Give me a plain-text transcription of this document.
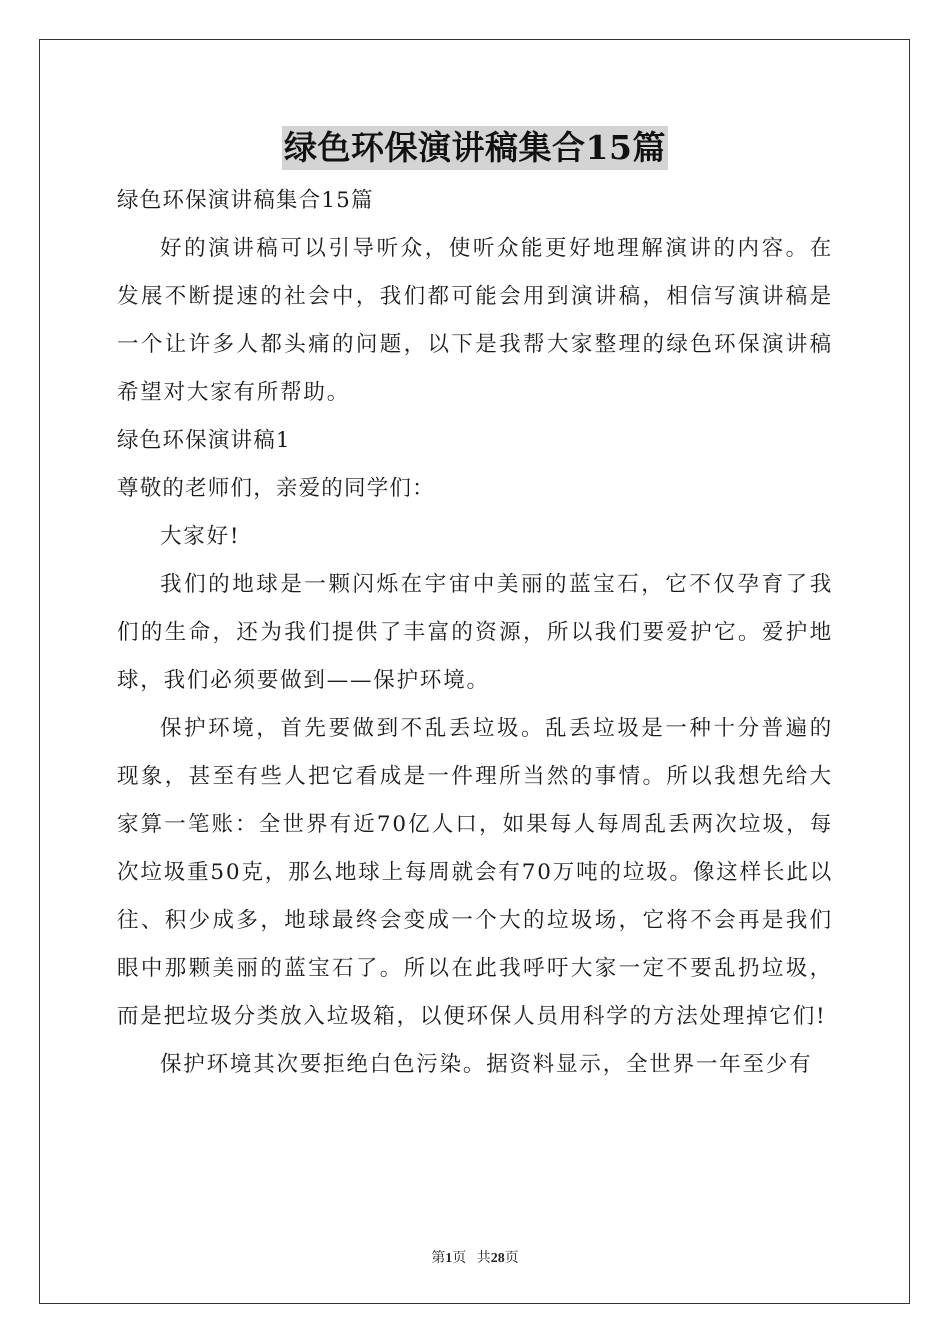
绿色环保演讲稿集合15篇
绿色环保演讲稿集合15篇

好的演讲稿可以引导听众，使听众能更好地理解演讲的内容。在发展不断提速的社会中，我们都可能会用到演讲稿，相信写演讲稿是一个让许多人都头痛的问题，以下是我帮大家整理的绿色环保演讲稿希望对大家有所帮助。

绿色环保演讲稿1
尊敬的老师们，亲爱的同学们：

大家好!

我们的地球是一颗闪烁在宇宙中美丽的蓝宝石，它不仅孕育了我们的生命，还为我们提供了丰富的资源，所以我们要爱护它。爱护地球，我们必须要做到——保护环境。

保护环境，首先要做到不乱丢垃圾。乱丢垃圾是一种十分普遍的现象，甚至有些人把它看成是一件理所当然的事情。所以我想先给大家算一笔账：全世界有近70亿人口，如果每人每周乱丢两次垃圾，每次垃圾重50克，那么地球上每周就会有70万吨的垃圾。像这样长此以往、积少成多，地球最终会变成一个大的垃圾场，它将不会再是我们眼中那颗美丽的蓝宝石了。所以在此我呼吁大家一定不要乱扔垃圾，而是把垃圾分类放入垃圾箱，以便环保人员用科学的方法处理掉它们!

保护环境其次要拒绝白色污染。据资料显示，全世界一年至少有

第1页   共28页
